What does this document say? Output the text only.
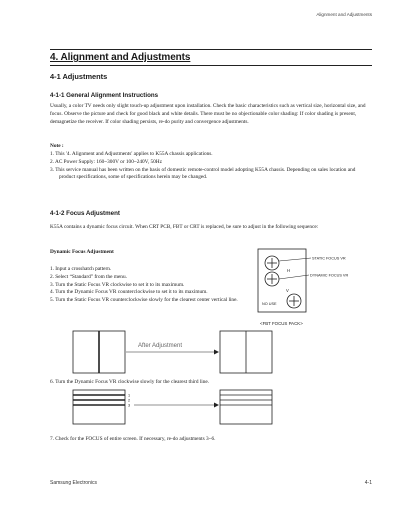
Alignment and Adjustments
4. Alignment and Adjustments
4-1 Adjustments
4-1-1 General Alignment Instructions

Usually, a color TV needs only slight touch-up adjustment upon installation. Check the basic characteristics such as vertical size, horizontal size, and focus. Observe the picture and check for good black and white details. There must be no objectionable color shading: If color shading is present, demagnetize the receiver. If color shading persists, re-do purity and convergence adjustments.

Note :
1. This '4. Alignment and Adjustments' applies to K55A chassis applications.
2. AC Power Supply: 160~300V or 100~240V, 50Hz
3. This service manual has been written on the basis of domestic remote-control model adopting K55A chassis. Depending on sales location and product specifications, some of specifications herein may be changed.
4-1-2 Focus Adjustment

K55A contains a dynamic focus circuit. When CRT PCB, FBT or CRT is replaced, be sure to adjust in the following sequence:

Dynamic Focus Adjustment
1. Input a crosshatch pattern.
2. Select “Standard” from the menu.
3. Turn the Static Focus VR clockwise to set it to its maximum.
4. Turn the Dynamic Focus VR counterclockwise to set it to its maximum.
5. Turn the Static Focus VR counterclockwise slowly for the clearest center vertical line.
H
V
NO USE
STATIC FOCUS VR
DYNAMIC FOCUS VR
<FBT FOCUS PACK>
After Adjustment
6. Turn the Dynamic Focus VR clockwise slowly for the clearest third line.
1
2
3
7. Check for the FOCUS of entire screen. If necessary, re-do adjustments 3~6.
Samsung Electronics	4-1
